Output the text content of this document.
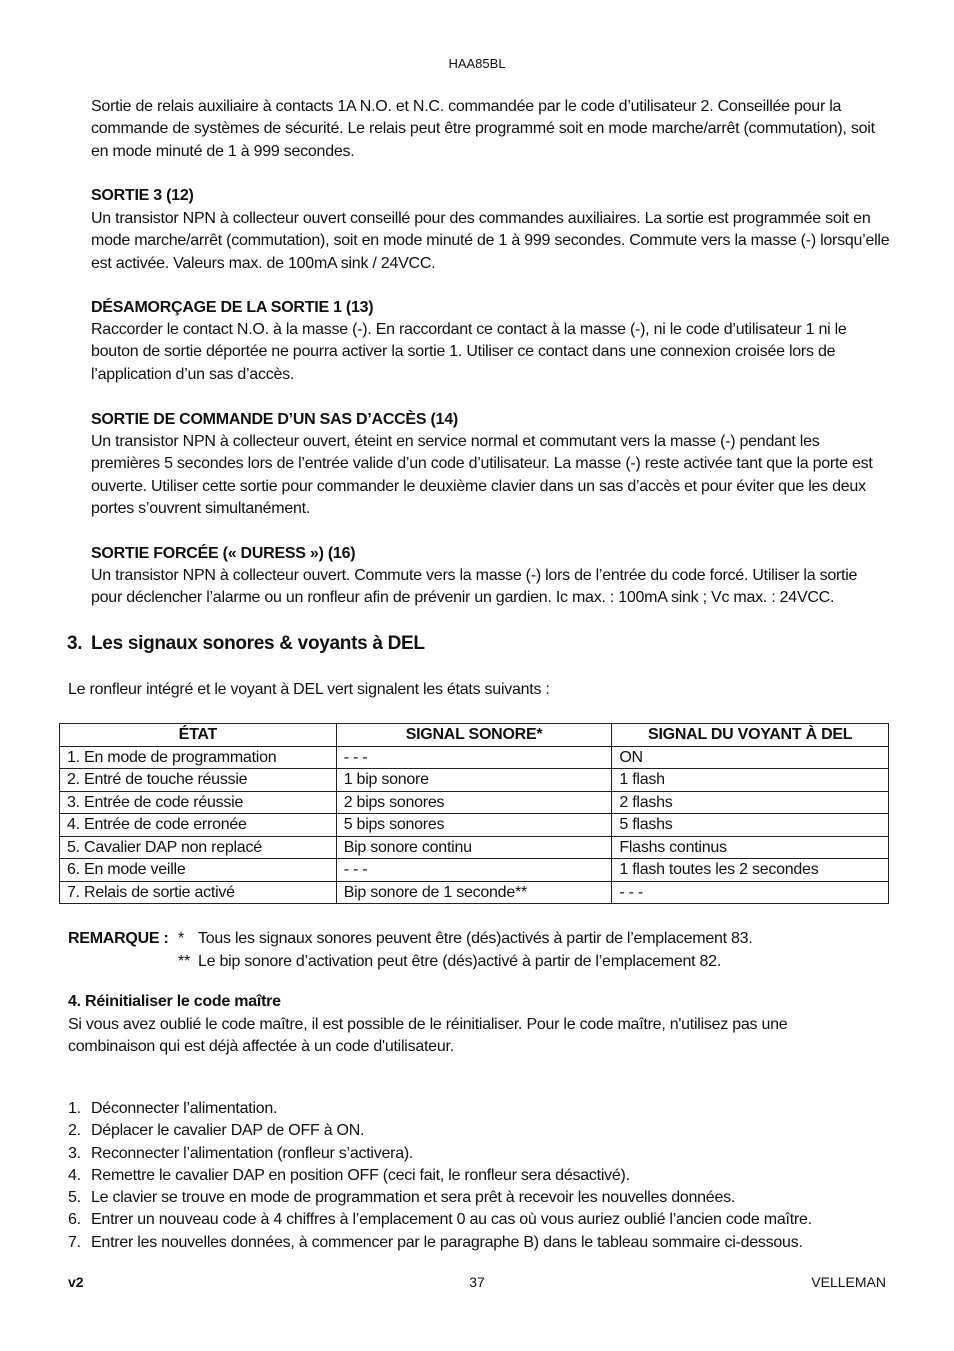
HAA85BL
Sortie de relais auxiliaire à contacts 1A N.O. et N.C. commandée par le code d’utilisateur 2. Conseillée pour la commande de systèmes de sécurité. Le relais peut être programmé soit en mode marche/arrêt (commutation), soit en mode minuté de 1 à 999 secondes.
SORTIE 3 (12)
Un transistor NPN à collecteur ouvert conseillé pour des commandes auxiliaires. La sortie est programmée soit en mode marche/arrêt (commutation), soit en mode minuté de 1 à 999 secondes. Commute vers la masse (-) lorsqu’elle est activée. Valeurs max. de 100mA sink / 24VCC.
DÉSAMORÇAGE DE LA SORTIE 1 (13)
Raccorder le contact N.O. à la masse (-). En raccordant ce contact à la masse (-), ni le code d’utilisateur 1 ni le bouton de sortie déportée ne pourra activer la sortie 1. Utiliser ce contact dans une connexion croisée lors de l’application d’un sas d’accès.
SORTIE DE COMMANDE D’UN SAS D’ACCÈS (14)
Un transistor NPN à collecteur ouvert, éteint en service normal et commutant vers la masse (-) pendant les premières 5 secondes lors de l’entrée valide d’un code d’utilisateur. La masse (-) reste activée tant que la porte est ouverte. Utiliser cette sortie pour commander le deuxième clavier dans un sas d’accès et pour éviter que les deux portes s’ouvrent simultanément.
SORTIE FORCÉE (« DURESS ») (16)
Un transistor NPN à collecteur ouvert. Commute vers la masse (-) lors de l’entrée du code forcé. Utiliser la sortie pour déclencher l’alarme ou un ronfleur afin de prévenir un gardien. Ic max. : 100mA sink ; Vc max. : 24VCC.
3. Les signaux sonores & voyants à DEL
Le ronfleur intégré et le voyant à DEL vert signalent les états suivants :
ÉTAT	SIGNAL SONORE*	SIGNAL DU VOYANT À DEL
1. En mode de programmation	- - -	ON
2. Entré de touche réussie	1 bip sonore	1 flash
3. Entrée de code réussie	2 bips sonores	2 flashs
4. Entrée de code erronée	5 bips sonores	5 flashs
5. Cavalier DAP non replacé	Bip sonore continu	Flashs continus
6. En mode veille	- - -	1 flash toutes les 2 secondes
7. Relais de sortie activé	Bip sonore de 1 seconde**	- - -
REMARQUE : * Tous les signaux sonores peuvent être (dés)activés à partir de l’emplacement 83.
** Le bip sonore d’activation peut être (dés)activé à partir de l’emplacement 82.
4. Réinitialiser le code maître
Si vous avez oublié le code maître, il est possible de le réinitialiser. Pour le code maître, n'utilisez pas une combinaison qui est déjà affectée à un code d'utilisateur.
1. Déconnecter l’alimentation.
2. Déplacer le cavalier DAP de OFF à ON.
3. Reconnecter l’alimentation (ronfleur s’activera).
4. Remettre le cavalier DAP en position OFF (ceci fait, le ronfleur sera désactivé).
5. Le clavier se trouve en mode de programmation et sera prêt à recevoir les nouvelles données.
6. Entrer un nouveau code à 4 chiffres à l’emplacement 0 au cas où vous auriez oublié l’ancien code maître.
7. Entrer les nouvelles données, à commencer par le paragraphe B) dans le tableau sommaire ci-dessous.
v2	37	VELLEMAN
